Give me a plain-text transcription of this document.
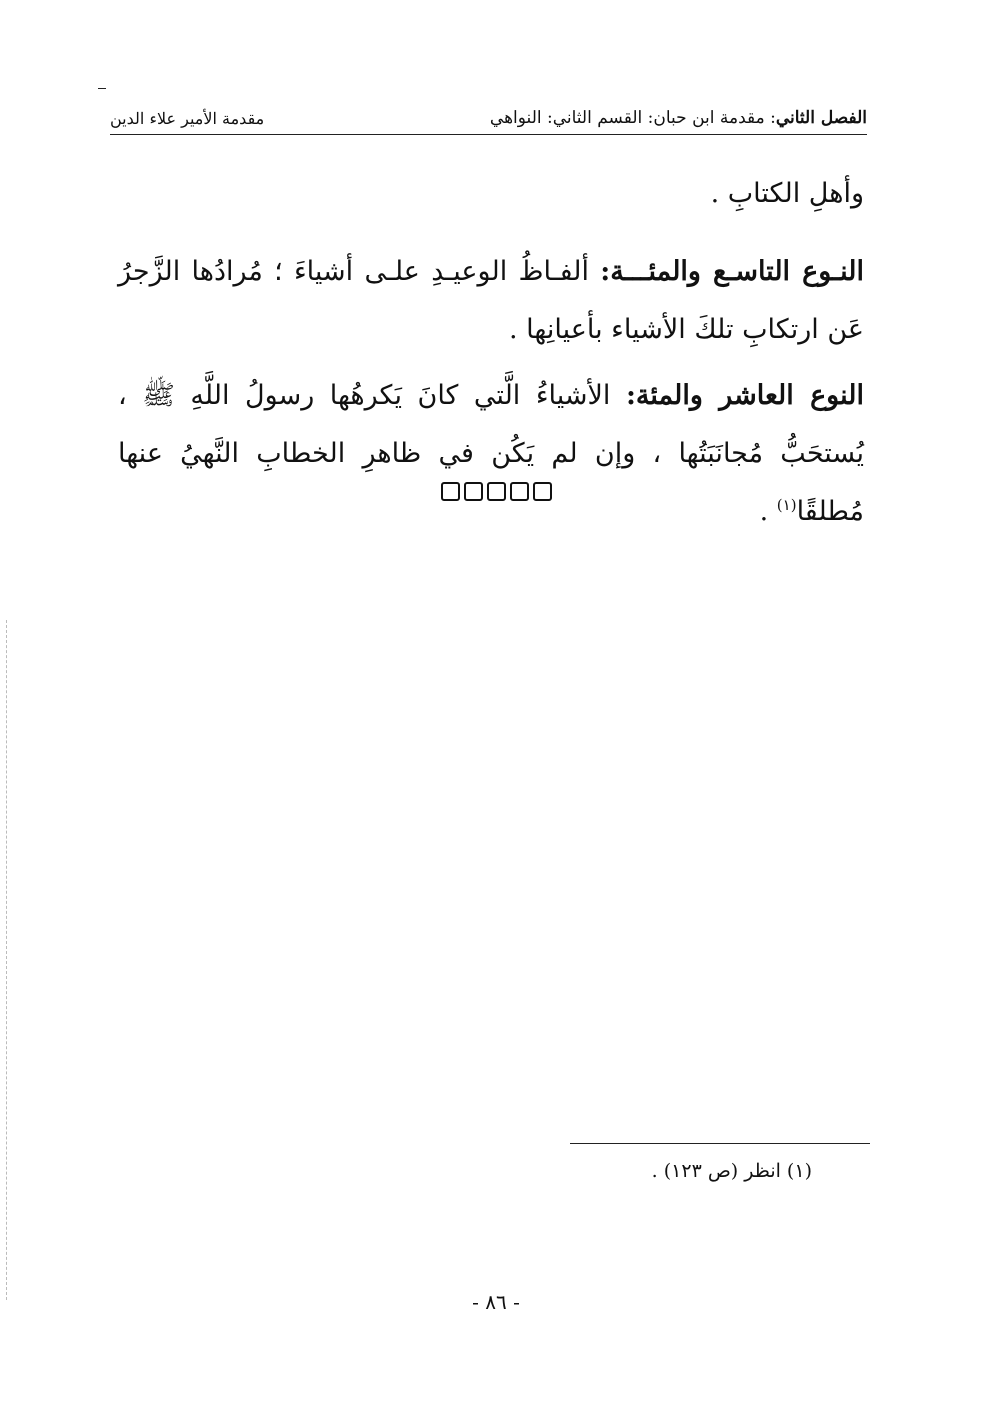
الفصل الثاني: مقدمة ابن حبان: القسم الثاني: النواهي
مقدمة الأمير علاء الدين

وأهلِ الكتابِ .

النـوع التاسـع والمئـــة: ألفـاظُ الوعيـدِ علـى أشياءَ ؛ مُرادُها الزَّجرُ عَن ارتكابِ تلكَ الأشياء بأعيانِها .

النوع العاشر والمئة: الأشياءُ الَّتي كانَ يَكرهُها رسولُ اللَّهِ ﷺ ، يُستحَبُّ مُجانَبَتُها ، وإن لم يَكُن في ظاهرِ الخطابِ النَّهيُ عنها مُطلقًا$^{(١)}$ .

(١) انظر (ص ١٢٣) .
- ٨٦ -
